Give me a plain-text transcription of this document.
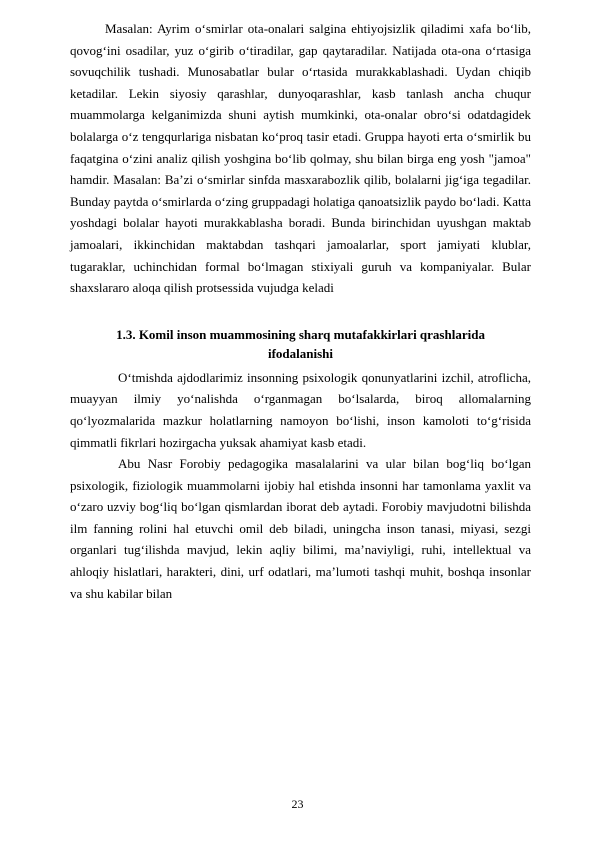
Masalan: Ayrim o‘smirlar ota-onalari salgina ehtiyojsizlik qiladimi xafa bo‘lib, qovog‘ini osadilar, yuz o‘girib o‘tiradilar, gap qaytaradilar. Natijada ota-ona o‘rtasiga sovuqchilik tushadi. Munosabatlar bular o‘rtasida murakkablashadi. Uydan chiqib ketadilar. Lekin siyosiy qarashlar, dunyoqarashlar, kasb tanlash ancha chuqur muammolarga kelganimizda shuni aytish mumkinki, ota-onalar obro‘si odatdagidek bolalarga o‘z tengqurlariga nisbatan ko‘proq tasir etadi. Gruppa hayoti erta o‘smirlik bu faqatgina o‘zini analiz qilish yoshgina bo‘lib qolmay, shu bilan birga eng yosh "jamoa" hamdir. Masalan: Ba’zi o‘smirlar sinfda masxarabozlik qilib, bolalarni jig‘iga tegadilar. Bunday paytda o‘smirlarda o‘zing gruppadagi holatiga qanoatsizlik paydo bo‘ladi. Katta yoshdagi bolalar hayoti murakkablasha boradi. Bunda birinchidan uyushgan maktab jamoalari, ikkinchidan maktabdan tashqari jamoalarlar, sport jamiyati klublar, tugaraklar, uchinchidan formal bo‘lmagan stixiyali guruh va kompaniyalar. Bular shaxslararo aloqa qilish protsessida vujudga keladi

1.3. Komil inson muammosining sharq mutafakkirlari qrashlarida ifodalanishi

O‘tmishda ajdodlarimiz insonning psixologik qonunyatlarini izchil, atroflicha, muayyan ilmiy yo‘nalishda o‘rganmagan bo‘lsalarda, biroq allomalarning qo‘lyozmalarida mazkur holatlarning namoyon bo‘lishi, inson kamoloti to‘g‘risida qimmatli fikrlari hozirgacha yuksak ahamiyat kasb etadi.

Abu Nasr Forobiy pedagogika masalalarini va ular bilan bog‘liq bo‘lgan psixologik, fiziologik muammolarni ijobiy hal etishda insonni har tamonlama yaxlit va o‘zaro uzviy bog‘liq bo‘lgan qismlardan iborat deb aytadi. Forobiy mavjudotni bilishda ilm fanning rolini hal etuvchi omil deb biladi, uningcha inson tanasi, miyasi, sezgi organlari tug‘ilishda mavjud, lekin aqliy bilimi, ma’naviyligi, ruhi, intellektual va ahloqiy hislatlari, harakteri, dini, urf odatlari, ma’lumoti tashqi muhit, boshqa insonlar va shu kabilar bilan

23
